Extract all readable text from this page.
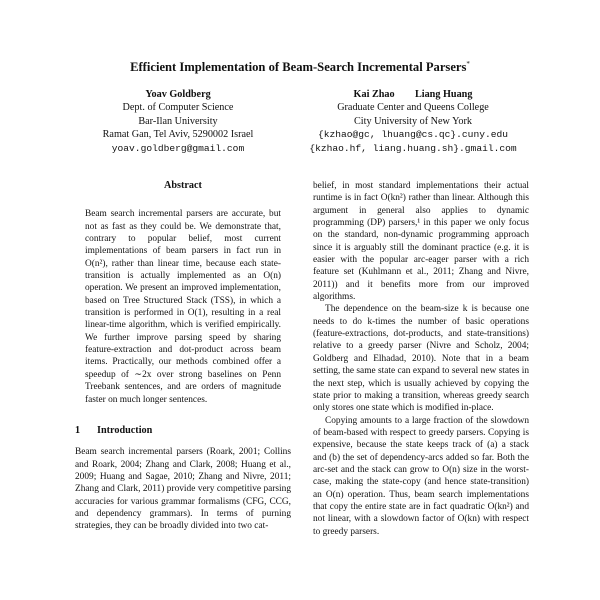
Efficient Implementation of Beam-Search Incremental Parsers*
Yoav Goldberg
Dept. of Computer Science
Bar-Ilan University
Ramat Gan, Tel Aviv, 5290002 Israel
yoav.goldberg@gmail.com
Kai Zhao        Liang Huang
Graduate Center and Queens College
City University of New York
{kzhao@gc, lhuang@cs.qc}.cuny.edu
{kzhao.hf, liang.huang.sh}.gmail.com
Abstract

Beam search incremental parsers are accurate, but not as fast as they could be. We demonstrate that, contrary to popular belief, most current implementations of beam parsers in fact run in O(n²), rather than linear time, because each state-transition is actually implemented as an O(n) operation. We present an improved implementation, based on Tree Structured Stack (TSS), in which a transition is performed in O(1), resulting in a real linear-time algorithm, which is verified empirically. We further improve parsing speed by sharing feature-extraction and dot-product across beam items. Practically, our methods combined offer a speedup of ∼2x over strong baselines on Penn Treebank sentences, and are orders of magnitude faster on much longer sentences.

1 Introduction

Beam search incremental parsers (Roark, 2001; Collins and Roark, 2004; Zhang and Clark, 2008; Huang et al., 2009; Huang and Sagae, 2010; Zhang and Nivre, 2011; Zhang and Clark, 2011) provide very competitive parsing accuracies for various grammar formalisms (CFG, CCG, and dependency grammars). In terms of purning strategies, they can be broadly divided into two cat-

belief, in most standard implementations their actual runtime is in fact O(kn²) rather than linear. Although this argument in general also applies to dynamic programming (DP) parsers,¹ in this paper we only focus on the standard, non-dynamic programming approach since it is arguably still the dominant practice (e.g. it is easier with the popular arc-eager parser with a rich feature set (Kuhlmann et al., 2011; Zhang and Nivre, 2011)) and it benefits more from our improved algorithms.

The dependence on the beam-size k is because one needs to do k-times the number of basic operations (feature-extractions, dot-products, and state-transitions) relative to a greedy parser (Nivre and Scholz, 2004; Goldberg and Elhadad, 2010). Note that in a beam setting, the same state can expand to several new states in the next step, which is usually achieved by copying the state prior to making a transition, whereas greedy search only stores one state which is modified in-place.

Copying amounts to a large fraction of the slowdown of beam-based with respect to greedy parsers. Copying is expensive, because the state keeps track of (a) a stack and (b) the set of dependency-arcs added so far. Both the arc-set and the stack can grow to O(n) size in the worst-case, making the state-copy (and hence state-transition) an O(n) operation. Thus, beam search implementations that copy the entire state are in fact quadratic O(kn²) and not linear, with a slowdown factor of O(kn) with respect to greedy parsers.
